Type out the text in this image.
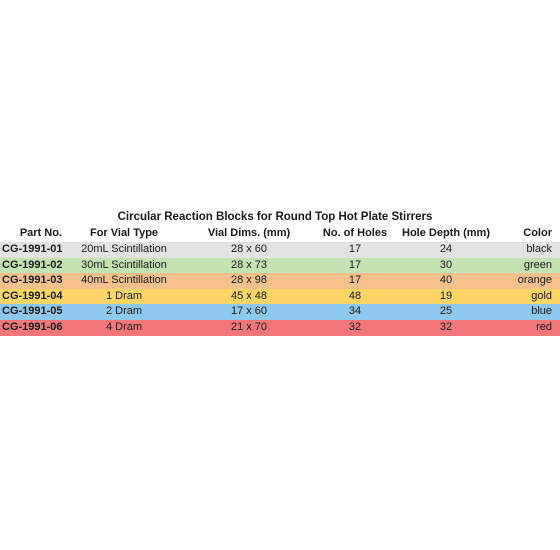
Circular Reaction Blocks for Round Top Hot Plate Stirrers
Part No.	For Vial Type	Vial Dims. (mm)	No. of Holes	Hole Depth (mm)	Color
CG-1991-01	20mL Scintillation	28 x 60	17	24	black
CG-1991-02	30mL Scintillation	28 x 73	17	30	green
CG-1991-03	40mL Scintillation	28 x 98	17	40	orange
CG-1991-04	1 Dram	45 x 48	48	19	gold
CG-1991-05	2 Dram	17 x 60	34	25	blue
CG-1991-06	4 Dram	21 x 70	32	32	red
